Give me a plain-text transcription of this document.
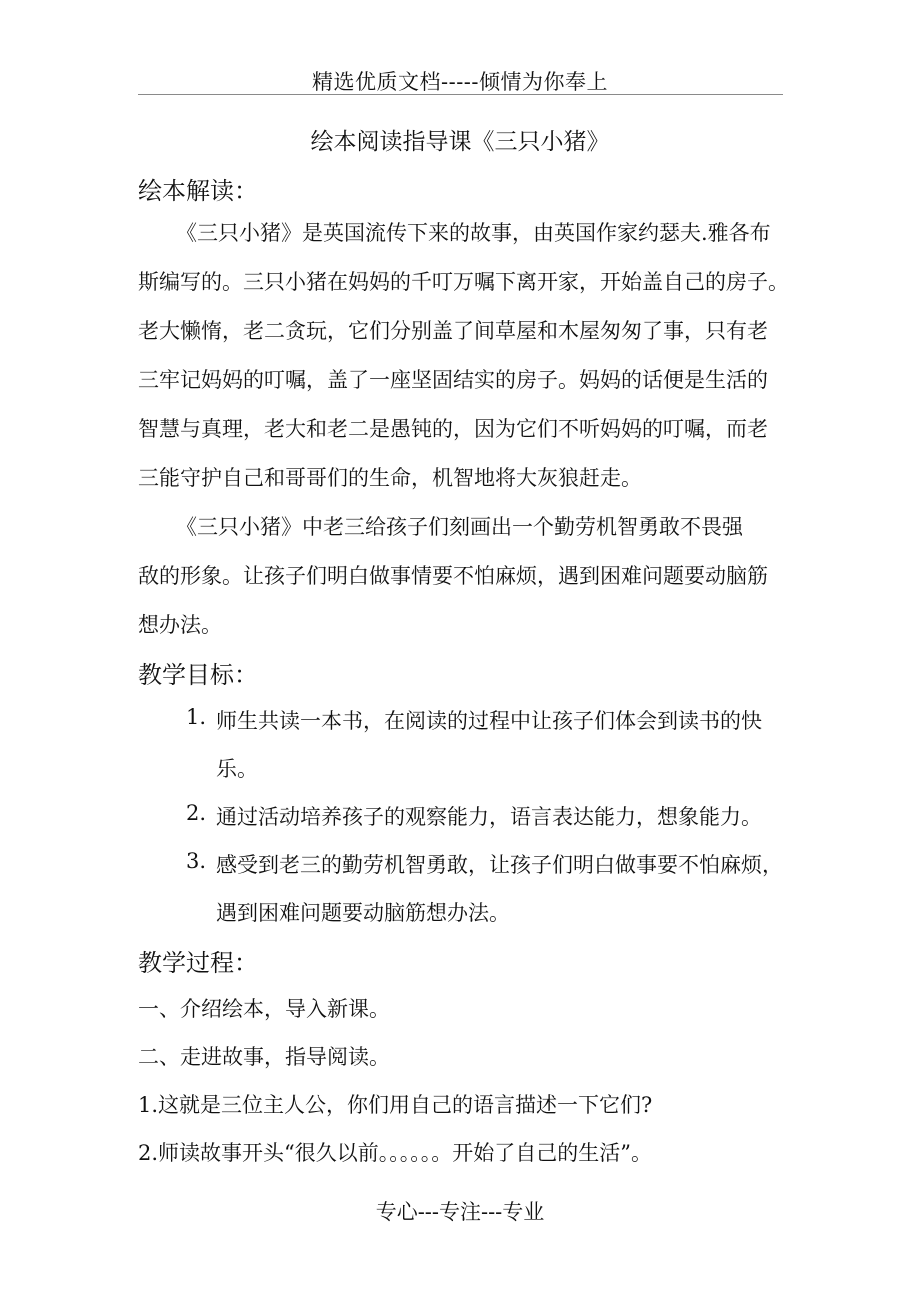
精选优质文档-----倾情为你奉上
绘本阅读指导课《三只小猪》
绘本解读：
《三只小猪》是英国流传下来的故事，由英国作家约瑟夫.雅各布
斯编写的。三只小猪在妈妈的千叮万嘱下离开家，开始盖自己的房子。
老大懒惰，老二贪玩，它们分别盖了间草屋和木屋匆匆了事，只有老
三牢记妈妈的叮嘱，盖了一座坚固结实的房子。妈妈的话便是生活的
智慧与真理，老大和老二是愚钝的，因为它们不听妈妈的叮嘱，而老
三能守护自己和哥哥们的生命，机智地将大灰狼赶走。
《三只小猪》中老三给孩子们刻画出一个勤劳机智勇敢不畏强
敌的形象。让孩子们明白做事情要不怕麻烦，遇到困难问题要动脑筋
想办法。
教学目标：
1. 师生共读一本书，在阅读的过程中让孩子们体会到读书的快
乐。
2. 通过活动培养孩子的观察能力，语言表达能力，想象能力。
3. 感受到老三的勤劳机智勇敢，让孩子们明白做事要不怕麻烦，
遇到困难问题要动脑筋想办法。
教学过程：
一、介绍绘本，导入新课。
二、走进故事，指导阅读。
1.这就是三位主人公，你们用自己的语言描述一下它们?
2.师读故事开头“很久以前。。。。。。开始了自己的生活”。
专心---专注---专业
